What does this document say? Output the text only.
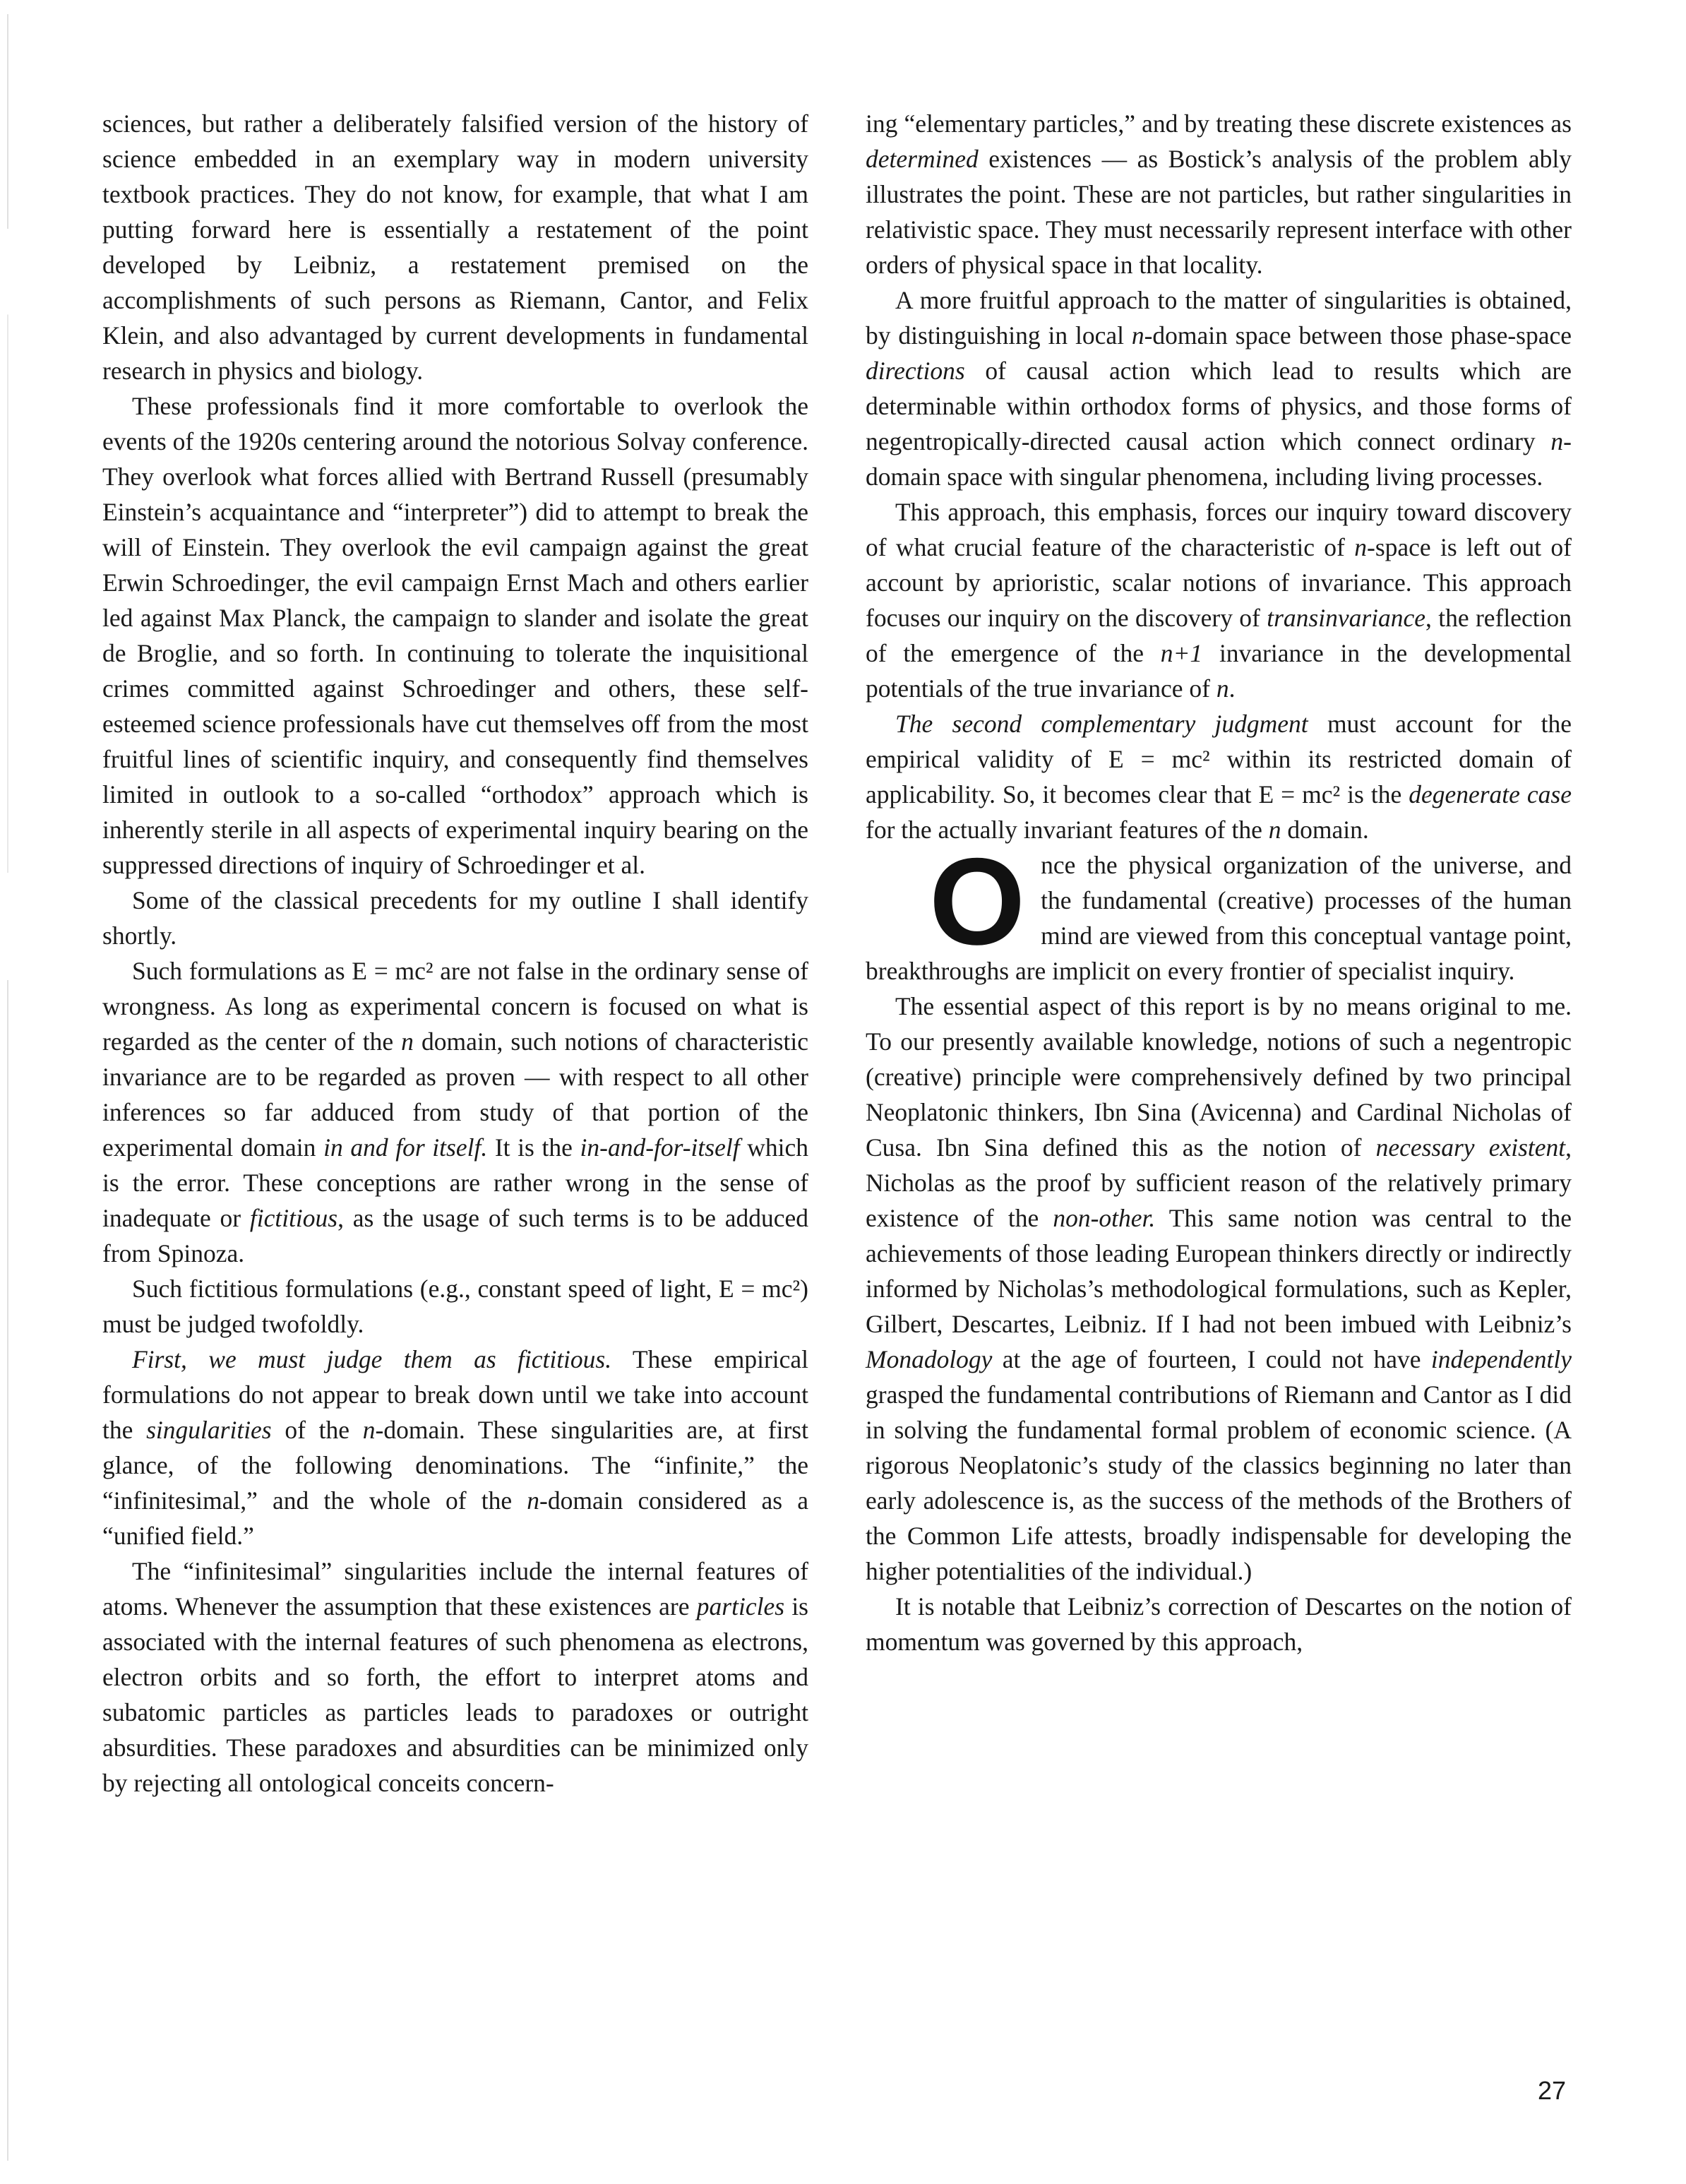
sciences, but rather a deliberately falsified version of the history of science embedded in an exemplary way in modern university textbook practices. They do not know, for example, that what I am putting forward here is essentially a restatement of the point developed by Leibniz, a restatement premised on the accomplishments of such persons as Riemann, Cantor, and Felix Klein, and also advantaged by current developments in fundamental research in physics and biology.

These professionals find it more comfortable to overlook the events of the 1920s centering around the notorious Solvay conference. They overlook what forces allied with Bertrand Russell (presumably Einstein’s acquaintance and “interpreter”) did to attempt to break the will of Einstein. They overlook the evil campaign against the great Erwin Schroedinger, the evil campaign Ernst Mach and others earlier led against Max Planck, the campaign to slander and isolate the great de Broglie, and so forth. In continuing to tolerate the inquisitional crimes committed against Schroedinger and others, these self-esteemed science professionals have cut themselves off from the most fruitful lines of scientific inquiry, and consequently find themselves limited in outlook to a so-called “orthodox” approach which is inherently sterile in all aspects of experimental inquiry bearing on the suppressed directions of inquiry of Schroedinger et al.

Some of the classical precedents for my outline I shall identify shortly.

Such formulations as E = mc² are not false in the ordinary sense of wrongness. As long as experimental concern is focused on what is regarded as the center of the n domain, such notions of characteristic invariance are to be regarded as proven — with respect to all other inferences so far adduced from study of that portion of the experimental domain in and for itself. It is the in-and-for-itself which is the error. These conceptions are rather wrong in the sense of inadequate or fictitious, as the usage of such terms is to be adduced from Spinoza.

Such fictitious formulations (e.g., constant speed of light, E = mc²) must be judged twofoldly.

First, we must judge them as fictitious. These empirical formulations do not appear to break down until we take into account the singularities of the n-domain. These singularities are, at first glance, of the following denominations. The “infinite,” the “infinitesimal,” and the whole of the n-domain considered as a “unified field.”

The “infinitesimal” singularities include the internal features of atoms. Whenever the assumption that these existences are particles is associated with the internal features of such phenomena as electrons, electron orbits and so forth, the effort to interpret atoms and subatomic particles as particles leads to paradoxes or outright absurdities. These paradoxes and absurdities can be minimized only by rejecting all ontological conceits concern-

ing “elementary particles,” and by treating these discrete existences as determined existences — as Bostick’s analysis of the problem ably illustrates the point. These are not particles, but rather singularities in relativistic space. They must necessarily represent interface with other orders of physical space in that locality.

A more fruitful approach to the matter of singularities is obtained, by distinguishing in local n-domain space between those phase-space directions of causal action which lead to results which are determinable within orthodox forms of physics, and those forms of negentropically-directed causal action which connect ordinary n-domain space with singular phenomena, including living processes.

This approach, this emphasis, forces our inquiry toward discovery of what crucial feature of the characteristic of n-space is left out of account by aprioristic, scalar notions of invariance. This approach focuses our inquiry on the discovery of transinvariance, the reflection of the emergence of the n+1 invariance in the developmental potentials of the true invariance of n.

The second complementary judgment must account for the empirical validity of E = mc² within its restricted domain of applicability. So, it becomes clear that E = mc² is the degenerate case for the actually invariant features of the n domain.

Once the physical organization of the universe, and the fundamental (creative) processes of the human mind are viewed from this conceptual vantage point, breakthroughs are implicit on every frontier of specialist inquiry.

The essential aspect of this report is by no means original to me. To our presently available knowledge, notions of such a negentropic (creative) principle were comprehensively defined by two principal Neoplatonic thinkers, Ibn Sina (Avicenna) and Cardinal Nicholas of Cusa. Ibn Sina defined this as the notion of necessary existent, Nicholas as the proof by sufficient reason of the relatively primary existence of the non-other. This same notion was central to the achievements of those leading European thinkers directly or indirectly informed by Nicholas’s methodological formulations, such as Kepler, Gilbert, Descartes, Leibniz. If I had not been imbued with Leibniz’s Monadology at the age of fourteen, I could not have independently grasped the fundamental contributions of Riemann and Cantor as I did in solving the fundamental formal problem of economic science. (A rigorous Neoplatonic’s study of the classics beginning no later than early adolescence is, as the success of the methods of the Brothers of the Common Life attests, broadly indispensable for developing the higher potentialities of the individual.)

It is notable that Leibniz’s correction of Descartes on the notion of momentum was governed by this approach,

27
